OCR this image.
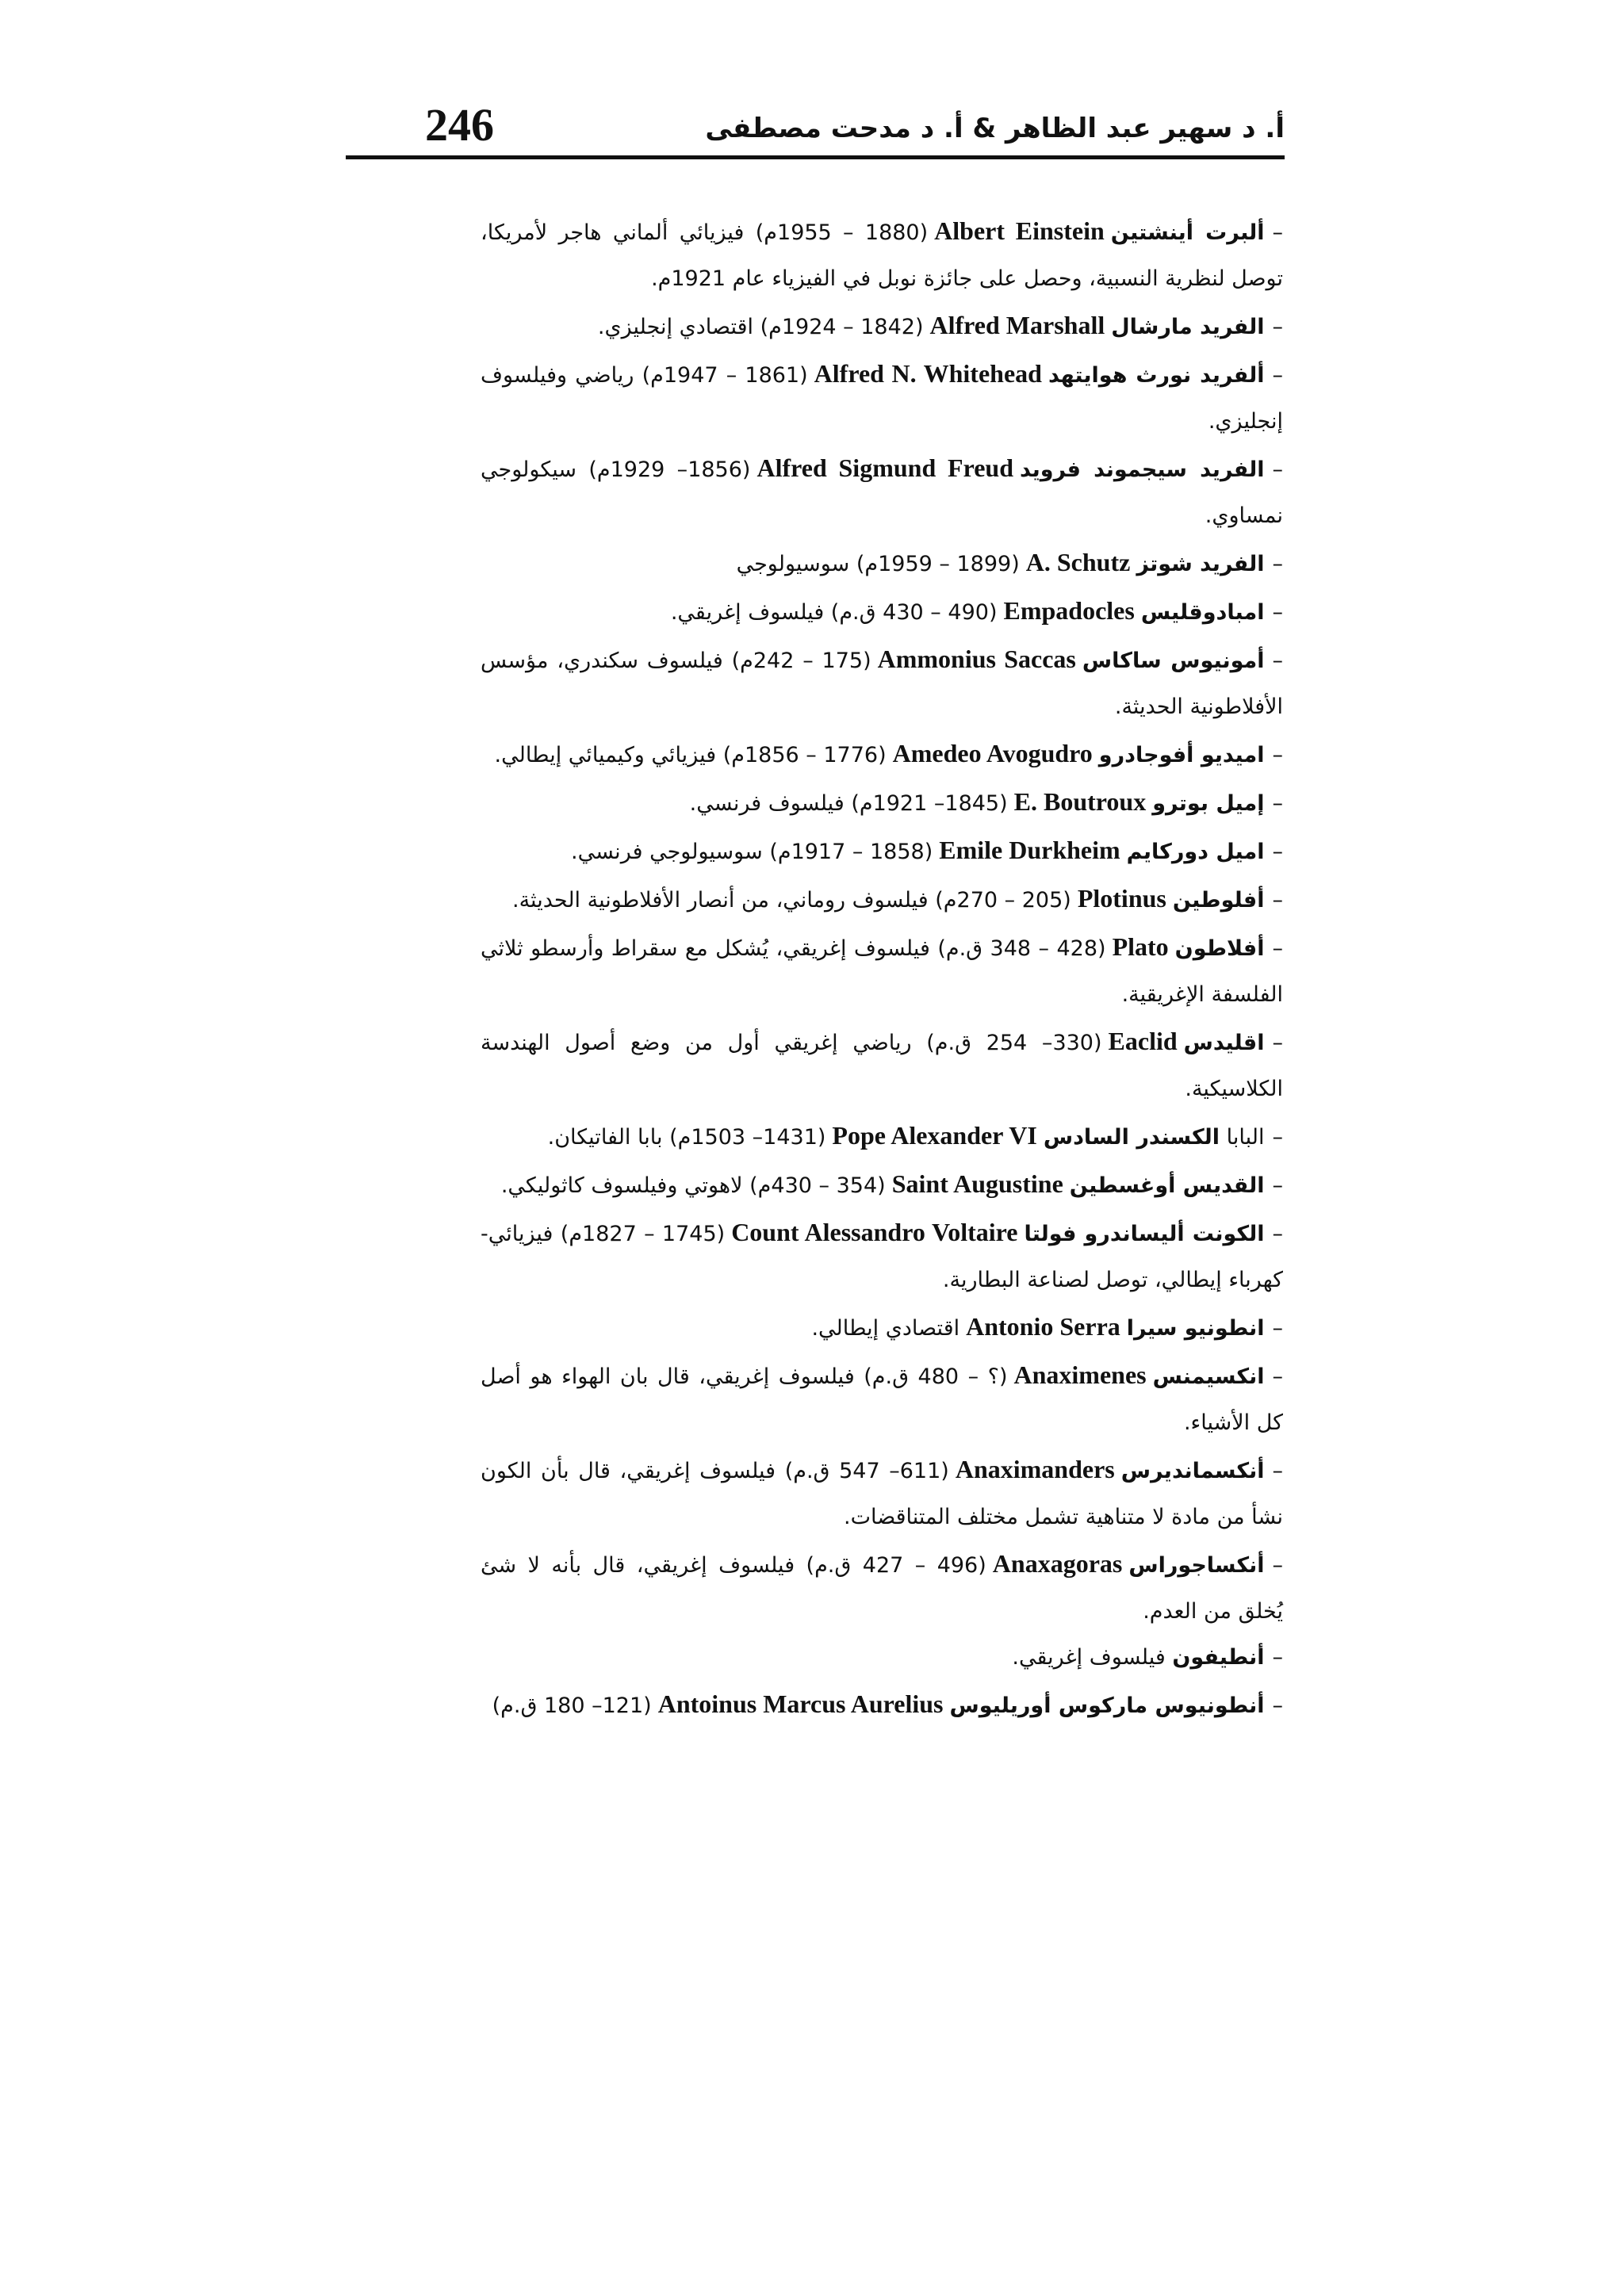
246	أ. د سهير عبد الظاهر & أ. د مدحت مصطفى

–ألبرت أينشتينAlbert Einstein(1880 – 1955م) فيزيائي ألماني هاجر لأمريكا، توصل لنظرية النسبية، وحصل على جائزة نوبل في الفيزياء عام 1921م.

–الفريد مارشالAlfred Marshall(1842 – 1924م) اقتصادي إنجليزي.

–ألفريد نورث هوايتهدAlfred N. Whitehead(1861 – 1947م) رياضي وفيلسوف إنجليزي.

–الفريد سيجموند فرويدAlfred Sigmund Freud(1856– 1929م) سيكولوجي نمساوي.

–الفريد شوتزA. Schutz(1899 – 1959م) سوسيولوجي

–امبادوقليسEmpadocles(490 – 430 ق.م) فيلسوف إغريقي.

–أمونيوس ساكاسAmmonius Saccas(175 – 242م) فيلسوف سكندري، مؤسس الأفلاطونية الحديثة.

–اميديو أفوجادروAmedeo Avogudro(1776 – 1856م) فيزيائي وكيميائي إيطالي.

–إميل بوتروE. Boutroux(1845– 1921م) فيلسوف فرنسي.

–اميل دوركايمEmile Durkheim(1858 – 1917م) سوسيولوجي فرنسي.

–أفلوطينPlotinus(205 – 270م) فيلسوف روماني، من أنصار الأفلاطونية الحديثة.

–أفلاطونPlato(428 – 348 ق.م) فيلسوف إغريقي، يُشكل مع سقراط وأرسطو ثلاثي الفلسفة الإغريقية.

–اقليدسEaclid(330– 254 ق.م) رياضي إغريقي أول من وضع أصول الهندسة الكلاسيكية.

–البابا الكسندر السادسPope Alexander VI(1431– 1503م) بابا الفاتيكان.

–القديس أوغسطينSaint Augustine(354 – 430م) لاهوتي وفيلسوف كاثوليكي.

–الكونت أليساندرو فولتاCount Alessandro Voltaire(1745 – 1827م) فيزيائي- كهرباء إيطالي، توصل لصناعة البطارية.

–انطونيو سيراAntonio Serraاقتصادي إيطالي.

–انكسيمنسAnaximenes(؟ – 480 ق.م) فيلسوف إغريقي، قال بان الهواء هو أصل كل الأشياء.

–أنكسمانديرسAnaximanders(611– 547 ق.م) فيلسوف إغريقي، قال بأن الكون نشأ من مادة لا متناهية تشمل مختلف المتناقضات.

–أنكساجوراسAnaxagoras(496 – 427 ق.م) فيلسوف إغريقي، قال بأنه لا شئ يُخلق من العدم.

–أنطيفون فيلسوف إغريقي.

–أنطونيوس ماركوس أوريليوسAntoinus Marcus Aurelius(121– 180 ق.م)
